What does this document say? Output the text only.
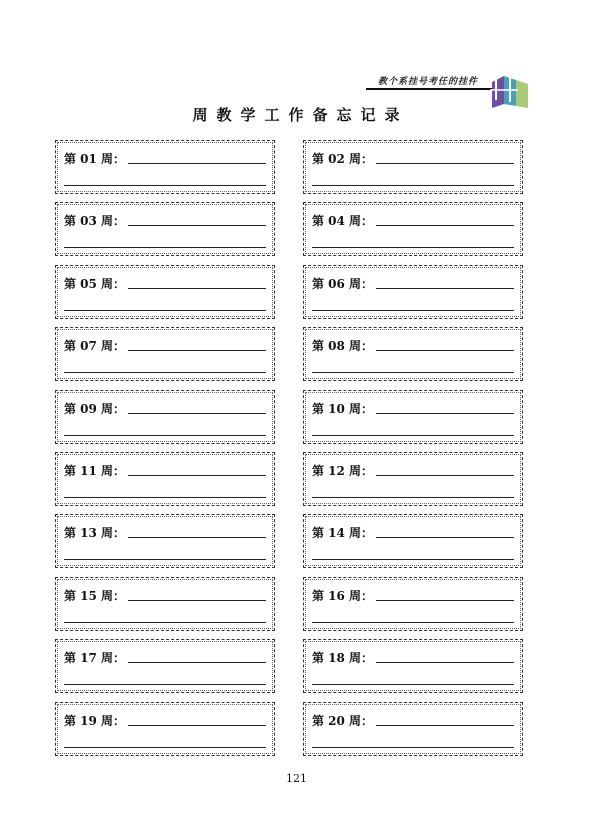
教个系挂号考任的挂件
周教学工作备忘记录
第 01 周：	第 02 周：
第 03 周：	第 04 周：
第 05 周：	第 06 周：
第 07 周：	第 08 周：
第 09 周：	第 10 周：
第 11 周：	第 12 周：
第 13 周：	第 14 周：
第 15 周：	第 16 周：
第 17 周：	第 18 周：
第 19 周：	第 20 周：
121
